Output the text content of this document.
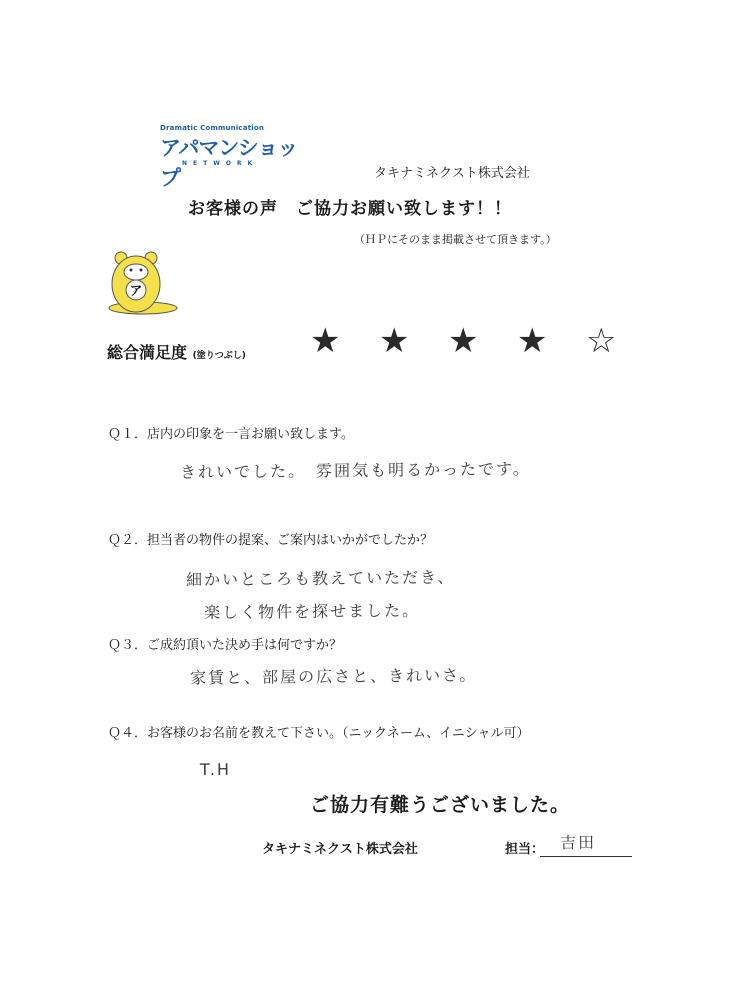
Dramatic Communication
アパマンショップ
NETWORK
タキナミネクスト株式会社
お客様の声　ご協力お願い致します！！
（ＨＰにそのまま掲載させて頂きます。）
ア
総合満足度 (塗りつぶし) ★ ★ ★ ★ ☆
Ｑ１．店内の印象を一言お願い致します。
きれいでした。　雰囲気も明るかったです。
Ｑ２．担当者の物件の提案、ご案内はいかがでしたか？
細かいところも教えていただき、
楽しく物件を探せました。
Ｑ３．ご成約頂いた決め手は何ですか？
家賃と、部屋の広さと、きれいさ。
Ｑ４．お客様のお名前を教えて下さい。（ニックネーム、イニシャル可）
T.H
ご協力有難うございました。
タキナミネクスト株式会社	担当： 吉田
